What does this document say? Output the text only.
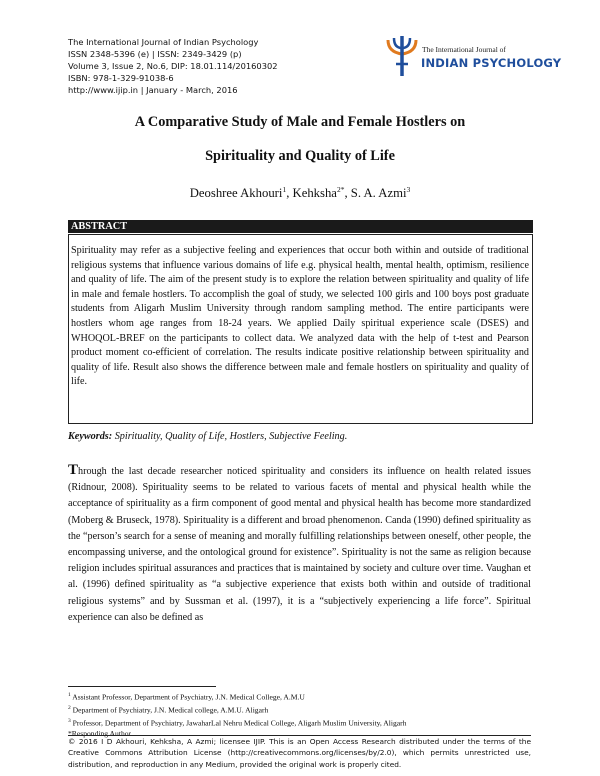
The International Journal of Indian Psychology
ISSN 2348-5396 (e) | ISSN: 2349-3429 (p)
Volume 3, Issue 2, No.6, DIP: 18.01.114/20160302
ISBN: 978-1-329-91038-6
http://www.ijip.in | January - March, 2016
The International Journal of
INDIAN PSYCHOLOGY
A Comparative Study of Male and Female Hostlers on
Spirituality and Quality of Life
Deoshree Akhouri$^1$, Kehksha$^{2*}$, S. A. Azmi$^3$
ABSTRACT
Spirituality may refer as a subjective feeling and experiences that occur both within and outside of traditional religious systems that influence various domains of life e.g. physical health, mental health, optimism, resilience and quality of life. The aim of the present study is to explore the relation between spirituality and quality of life in male and female hostlers. To accomplish the goal of study, we selected 100 girls and 100 boys post graduate students from Aligarh Muslim University through random sampling method. The entire participants were hostlers whom age ranges from 18-24 years. We applied Daily spiritual experience scale (DSES) and WHOQOL-BREF on the participants to collect data. We analyzed data with the help of t-test and Pearson product moment co-efficient of correlation. The results indicate positive relationship between spirituality and quality of life. Result also shows the difference between male and female hostlers on spirituality and quality of life.
Keywords: Spirituality, Quality of Life, Hostlers, Subjective Feeling.
Through the last decade researcher noticed spirituality and considers its influence on health related issues (Ridnour, 2008). Spirituality seems to be related to various facets of mental and physical health while the acceptance of spirituality as a firm component of good mental and physical health has become more standardized (Moberg & Bruseck, 1978). Spirituality is a different and broad phenomenon. Canda (1990) defined spirituality as the “person’s search for a sense of meaning and morally fulfilling relationships between oneself, other people, the encompassing universe, and the ontological ground for existence”. Spirituality is not the same as religion because religion includes spiritual assurances and practices that is maintained by society and culture over time. Vaughan et al. (1996) defined spirituality as “a subjective experience that exists both within and outside of traditional religious systems” and by Sussman et al. (1997), it is a “subjectively experiencing a life force”. Spiritual experience can also be defined as
$^1$ Assistant Professor, Department of Psychiatry, J.N. Medical College, A.M.U
$^2$ Department of Psychiatry, J.N. Medical college, A.M.U. Aligarh
$^3$ Professor, Department of Psychiatry, JawaharLal Nehru Medical College, Aligarh Muslim University, Aligarh
*Responding Author
© 2016 I D Akhouri, Kehksha, A Azmi; licensee IJIP. This is an Open Access Research distributed under the terms of the Creative Commons Attribution License (http://creativecommons.org/licenses/by/2.0), which permits unrestricted use, distribution, and reproduction in any Medium, provided the original work is properly cited.
